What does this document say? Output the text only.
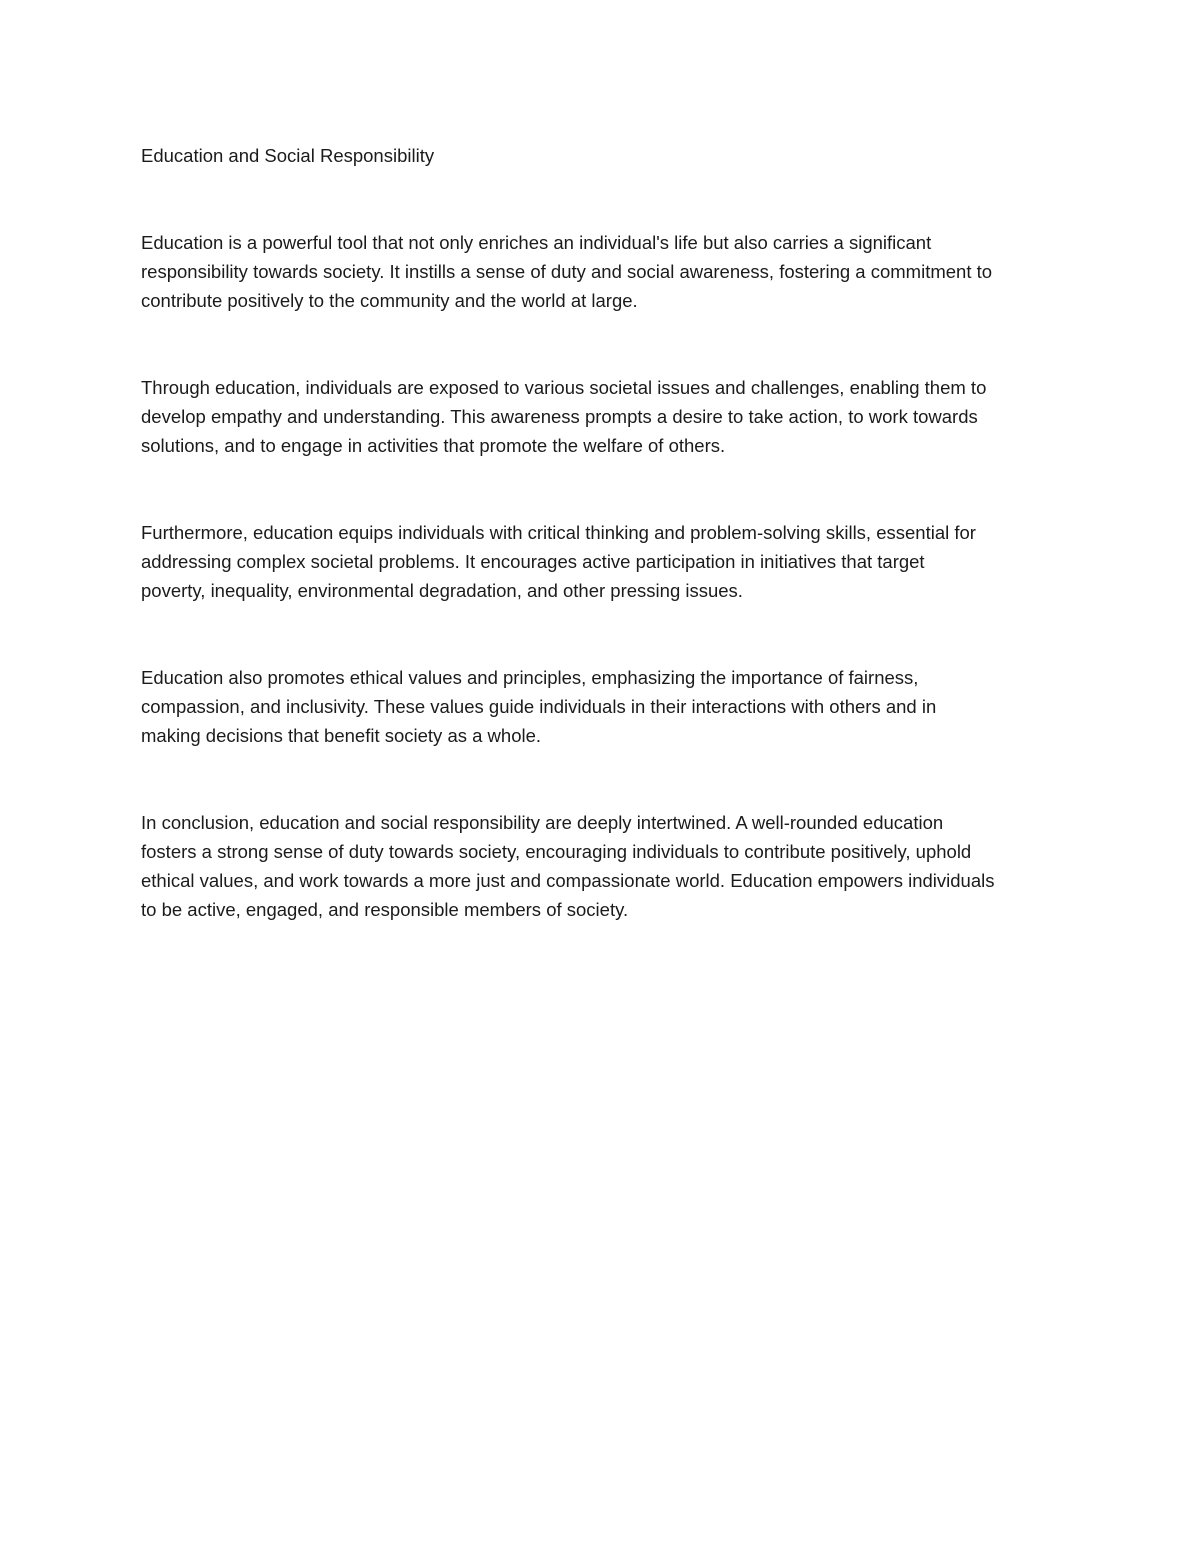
Education and Social Responsibility

Education is a powerful tool that not only enriches an individual's life but also carries a significant
responsibility towards society. It instills a sense of duty and social awareness, fostering a commitment to
contribute positively to the community and the world at large.

Through education, individuals are exposed to various societal issues and challenges, enabling them to
develop empathy and understanding. This awareness prompts a desire to take action, to work towards
solutions, and to engage in activities that promote the welfare of others.

Furthermore, education equips individuals with critical thinking and problem-solving skills, essential for
addressing complex societal problems. It encourages active participation in initiatives that target
poverty, inequality, environmental degradation, and other pressing issues.

Education also promotes ethical values and principles, emphasizing the importance of fairness,
compassion, and inclusivity. These values guide individuals in their interactions with others and in
making decisions that benefit society as a whole.

In conclusion, education and social responsibility are deeply intertwined. A well-rounded education
fosters a strong sense of duty towards society, encouraging individuals to contribute positively, uphold
ethical values, and work towards a more just and compassionate world. Education empowers individuals
to be active, engaged, and responsible members of society.
